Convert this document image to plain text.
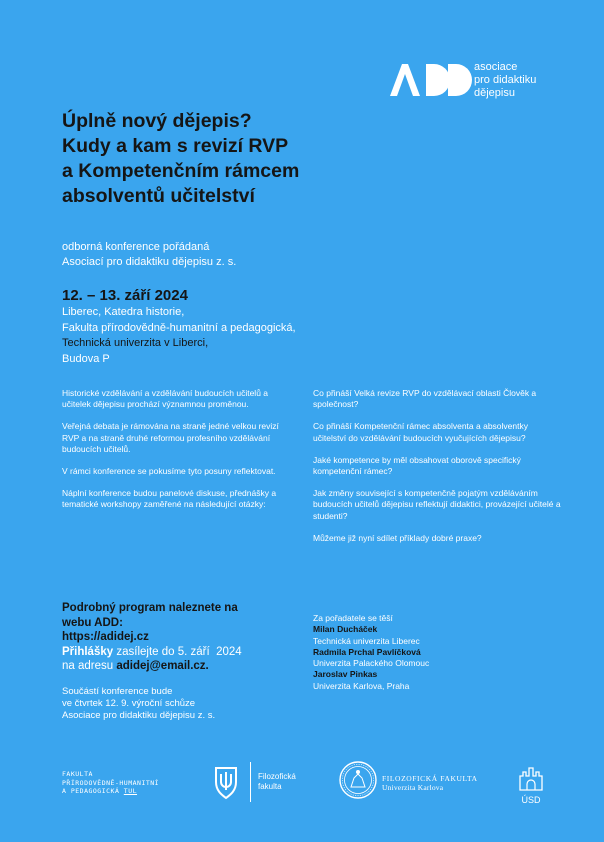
asociace
pro didaktiku
dějepisu
Úplně nový dějepis?
Kudy a kam s revizí RVP
a Kompetenčním rámcem
absolventů učitelství
odborná konference pořádaná
Asociací pro didaktiku dějepisu z. s.
12. – 13. září 2024
Liberec, Katedra historie,
Fakulta přírodovědně-humanitní a pedagogická,
Technická univerzita v Liberci,
Budova P

Historické vzdělávání a vzdělávání budoucích učitelů a učitelek dějepisu prochází významnou proměnou.

Veřejná debata je rámována na straně jedné velkou revizí RVP a na straně druhé reformou profesního vzdělávání budoucích učitelů.

V rámci konference se pokusíme tyto posuny reflektovat.

Náplní konference budou panelové diskuse, přednášky a tematické workshopy zaměřené na následující otázky:

Co přináší Velká revize RVP do vzdělávací oblasti Člověk a společnost?

Co přináší Kompetenční rámec absolventa a absolventky učitelství do vzdělávání budoucích vyučujících dějepisu?

Jaké kompetence by měl obsahovat oborově specifický kompetenční rámec?

Jak změny související s kompetenčně pojatým vzděláváním budoucích učitelů dějepisu reflektují didaktici, provázející učitelé a studenti?

Můžeme již nyní sdílet příklady dobré praxe?

Podrobný program naleznete na
webu ADD:
https://adidej.cz
Přihlášky zasílejte do 5. září  2024
na adresu adidej@email.cz.
Součástí konference bude
ve čtvrtek 12. 9. výroční schůze
Asociace pro didaktiku dějepisu z. s.
Za pořadatele se těší
Milan Ducháček
Technická univerzita Liberec
Radmila Prchal Pavlíčková
Univerzita Palackého Olomouc
Jaroslav Pinkas
Univerzita Karlova, Praha
FAKULTA
PŘÍRODOVĚDNĚ-HUMANITNÍ
A PEDAGOGICKÁ TUL
Filozofická
fakulta
FILOZOFICKÁ FAKULTA
Univerzita Karlova
ÚSD
